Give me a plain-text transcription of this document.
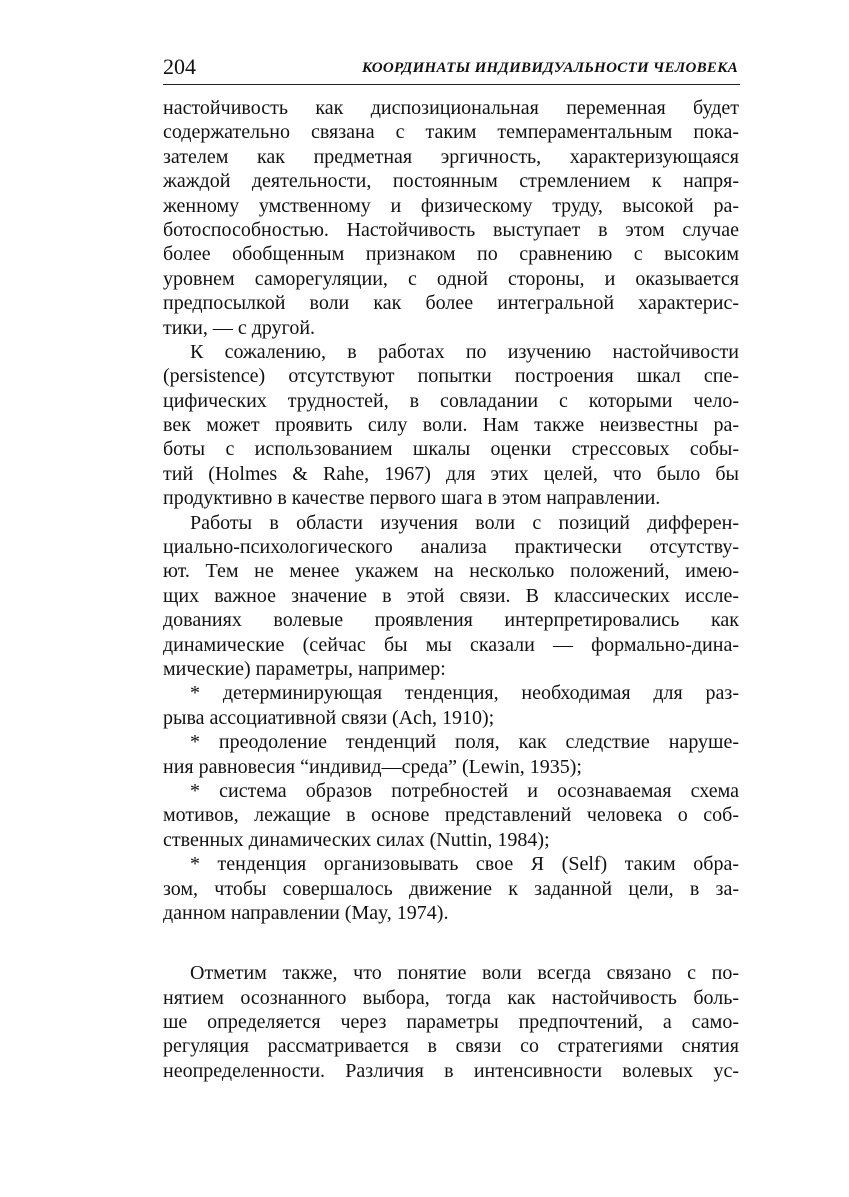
204	КООРДИНАТЫ ИНДИВИДУАЛЬНОСТИ ЧЕЛОВЕКА
настойчивость как диспозициональная переменная будет
содержательно связана с таким темпераментальным пока-
зателем как предметная эргичность, характеризующаяся
жаждой деятельности, постоянным стремлением к напря-
женному умственному и физическому труду, высокой ра-
ботоспособностью. Настойчивость выступает в этом случае
более обобщенным признаком по сравнению с высоким
уровнем саморегуляции, с одной стороны, и оказывается
предпосылкой воли как более интегральной характерис-
тики, — с другой.
К сожалению, в работах по изучению настойчивости
(persistence) отсутствуют попытки построения шкал спе-
цифических трудностей, в совладании с которыми чело-
век может проявить силу воли. Нам также неизвестны ра-
боты с использованием шкалы оценки стрессовых собы-
тий (Holmes & Rahe, 1967) для этих целей, что было бы
продуктивно в качестве первого шага в этом направлении.
Работы в области изучения воли с позиций дифферен-
циально-психологического анализа практически отсутству-
ют. Тем не менее укажем на несколько положений, имею-
щих важное значение в этой связи. В классических иссле-
дованиях волевые проявления интерпретировались как
динамические (сейчас бы мы сказали — формально-дина-
мические) параметры, например:
* детерминирующая тенденция, необходимая для раз-
рыва ассоциативной связи (Ach, 1910);
* преодоление тенденций поля, как следствие наруше-
ния равновесия “индивид—среда” (Lewin, 1935);
* система образов потребностей и осознаваемая схема
мотивов, лежащие в основе представлений человека о соб-
ственных динамических силах (Nuttin, 1984);
* тенденция организовывать свое Я (Self) таким обра-
зом, чтобы совершалось движение к заданной цели, в за-
данном направлении (May, 1974).
Отметим также, что понятие воли всегда связано с по-
нятием осознанного выбора, тогда как настойчивость боль-
ше определяется через параметры предпочтений, а само-
регуляция рассматривается в связи со стратегиями снятия
неопределенности. Различия в интенсивности волевых ус-
